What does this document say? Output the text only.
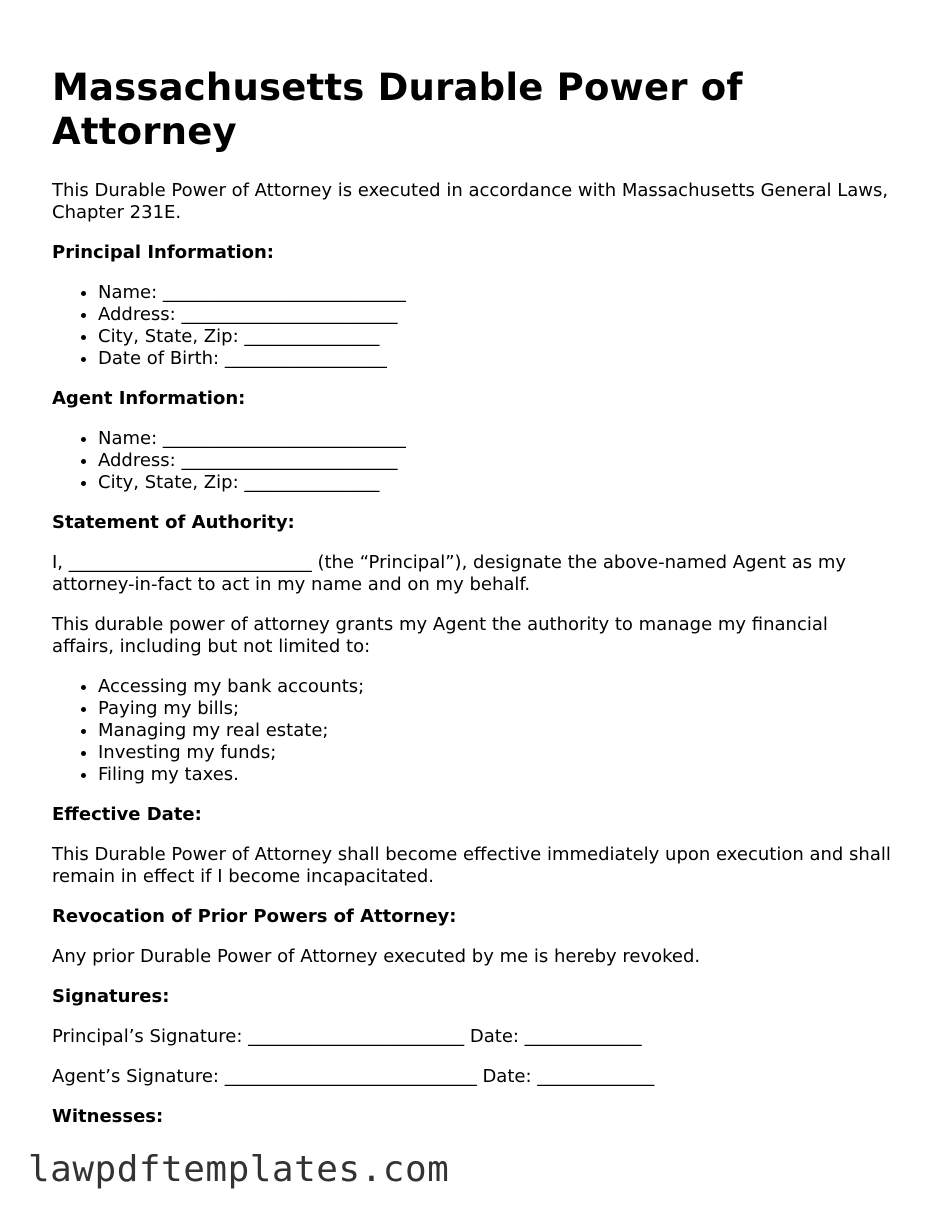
Massachusetts Durable Power of Attorney

This Durable Power of Attorney is executed in accordance with Massachusetts General Laws, Chapter 231E.

Principal Information:
• Name: ___________________________
• Address: ________________________
• City, State, Zip: _______________
• Date of Birth: __________________
Agent Information:
• Name: ___________________________
• Address: ________________________
• City, State, Zip: _______________
Statement of Authority:

I, ___________________________ (the “Principal”), designate the above-named Agent as my attorney-in-fact to act in my name and on my behalf.

This durable power of attorney grants my Agent the authority to manage my financial affairs, including but not limited to:

• Accessing my bank accounts;
• Paying my bills;
• Managing my real estate;
• Investing my funds;
• Filing my taxes.
Effective Date:

This Durable Power of Attorney shall become effective immediately upon execution and shall remain in effect if I become incapacitated.

Revocation of Prior Powers of Attorney:

Any prior Durable Power of Attorney executed by me is hereby revoked.

Signatures:

Principal’s Signature: ________________________ Date: _____________

Agent’s Signature: ____________________________ Date: _____________

Witnesses:
lawpdftemplates.com
